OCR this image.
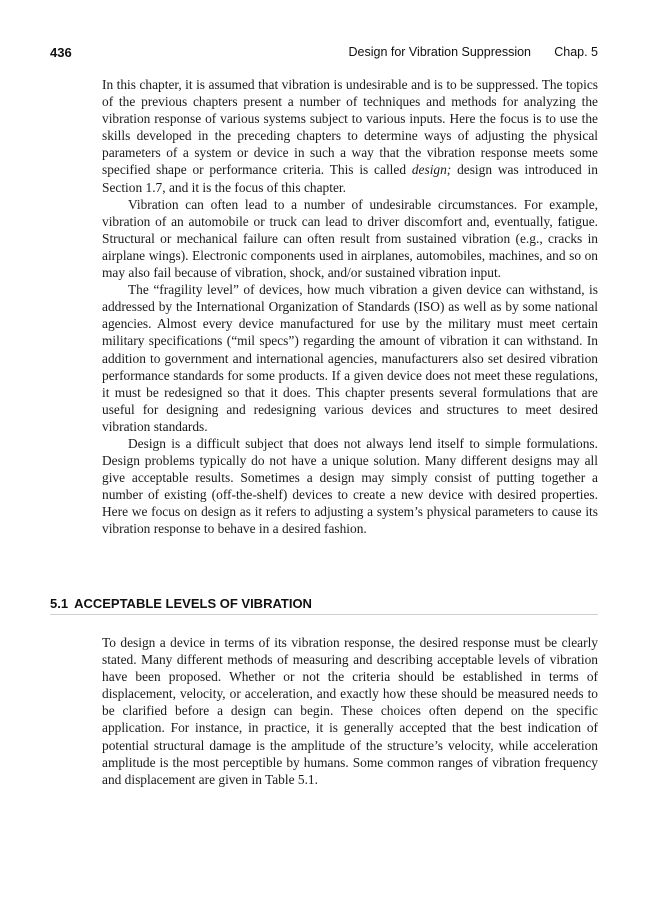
436	Design for Vibration Suppression Chap. 5

In this chapter, it is assumed that vibration is undesirable and is to be suppressed. The topics of the previous chapters present a number of techniques and methods for analyzing the vibration response of various systems subject to various inputs. Here the focus is to use the skills developed in the preceding chapters to determine ways of adjusting the physical parameters of a system or device in such a way that the vibration response meets some specified shape or performance criteria. This is called design; design was introduced in Section 1.7, and it is the focus of this chapter.

Vibration can often lead to a number of undesirable circumstances. For example, vibration of an automobile or truck can lead to driver discomfort and, eventually, fatigue. Structural or mechanical failure can often result from sustained vibration (e.g., cracks in airplane wings). Electronic components used in airplanes, automobiles, machines, and so on may also fail because of vibration, shock, and/or sustained vibration input.

The “fragility level” of devices, how much vibration a given device can withstand, is addressed by the International Organization of Standards (ISO) as well as by some national agencies. Almost every device manufactured for use by the military must meet certain military specifications (“mil specs”) regarding the amount of vibration it can withstand. In addition to government and international agencies, manufacturers also set desired vibration performance standards for some products. If a given device does not meet these regulations, it must be redesigned so that it does. This chapter presents several formulations that are useful for designing and redesigning various devices and structures to meet desired vibration standards.

Design is a difficult subject that does not always lend itself to simple formulations. Design problems typically do not have a unique solution. Many different designs may all give acceptable results. Sometimes a design may simply consist of putting together a number of existing (off-the-shelf) devices to create a new device with desired properties. Here we focus on design as it refers to adjusting a system’s physical parameters to cause its vibration response to behave in a desired fashion.

5.1 ACCEPTABLE LEVELS OF VIBRATION

To design a device in terms of its vibration response, the desired response must be clearly stated. Many different methods of measuring and describing acceptable levels of vibration have been proposed. Whether or not the criteria should be established in terms of displacement, velocity, or acceleration, and exactly how these should be measured needs to be clarified before a design can begin. These choices often depend on the specific application. For instance, in practice, it is generally accepted that the best indication of potential structural damage is the amplitude of the structure’s velocity, while acceleration amplitude is the most perceptible by humans. Some common ranges of vibration frequency and displacement are given in Table 5.1.
